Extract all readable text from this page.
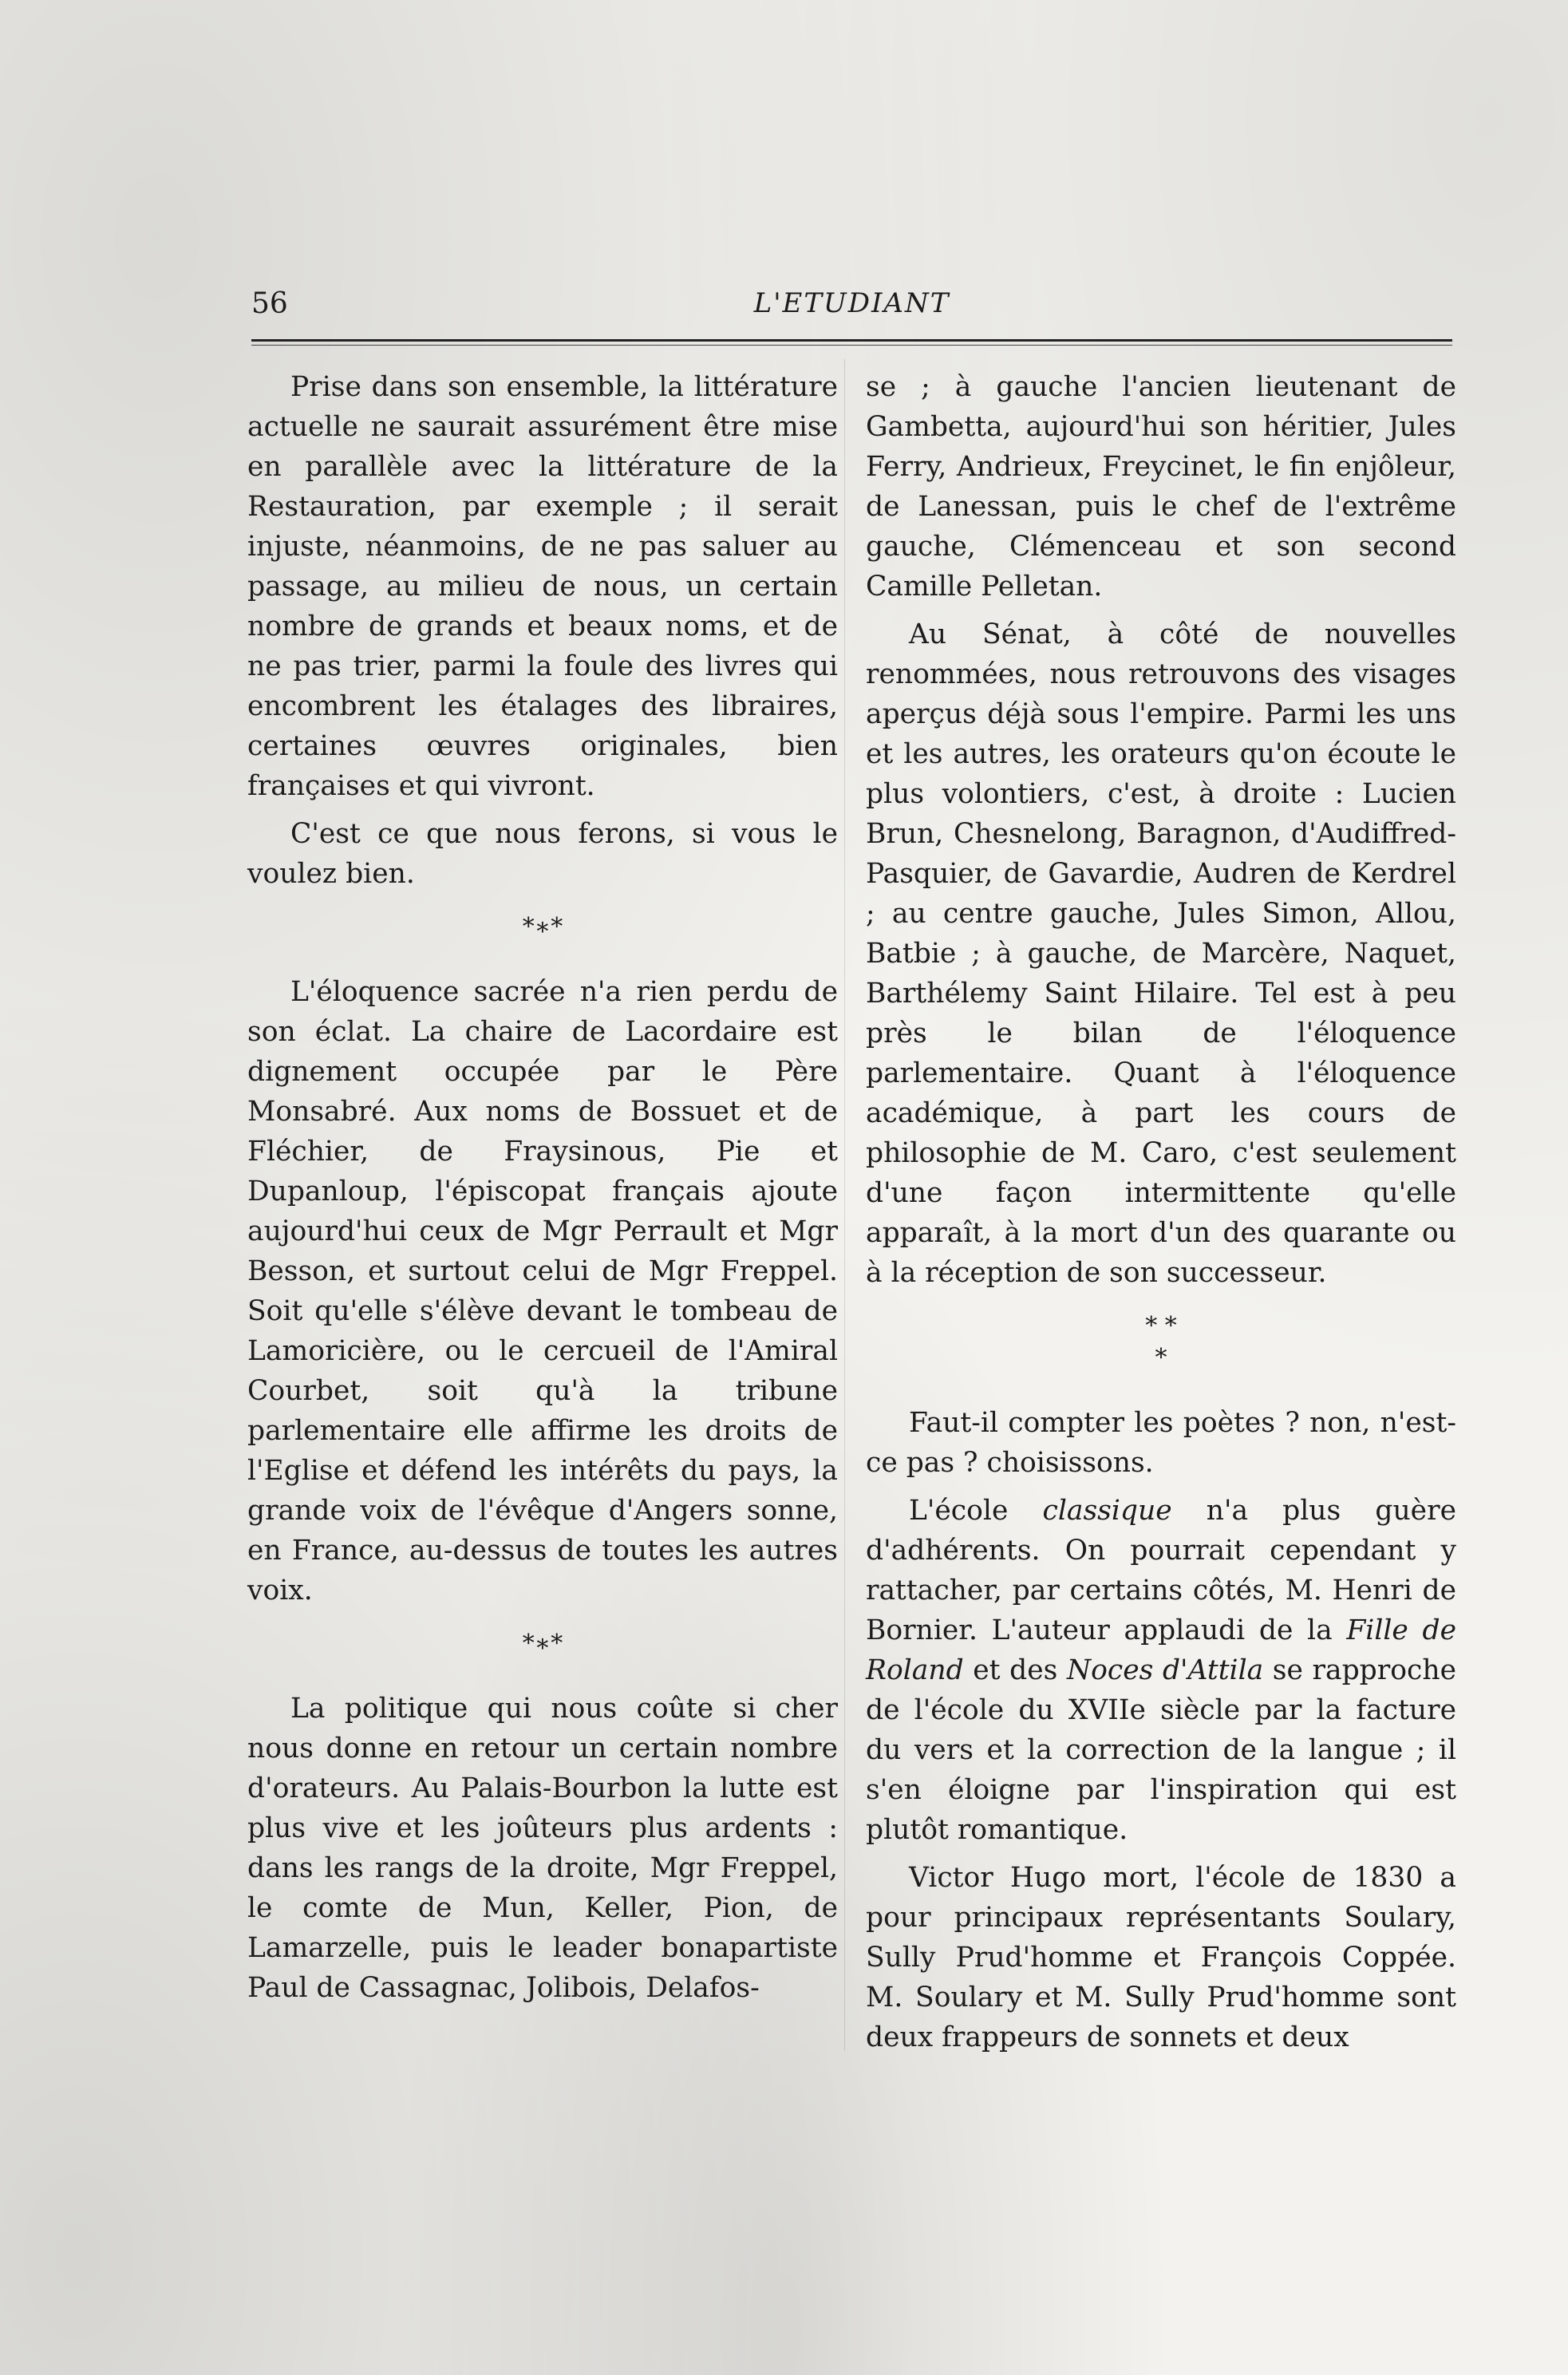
56	L'ETUDIANT

Prise dans son ensemble, la littérature actuelle ne saurait assurément être mise en parallèle avec la littérature de la Restauration, par exemple ; il serait injuste, néanmoins, de ne pas saluer au passage, au milieu de nous, un certain nombre de grands et beaux noms, et de ne pas trier, parmi la foule des livres qui encombrent les étalages des libraires, certaines œuvres originales, bien françaises et qui vivront.

C'est ce que nous ferons, si vous le voulez bien.

*∗*

L'éloquence sacrée n'a rien perdu de son éclat. La chaire de Lacordaire est dignement occupée par le Père Monsabré. Aux noms de Bossuet et de Fléchier, de Fraysinous, Pie et Dupanloup, l'épiscopat français ajoute aujourd'hui ceux de Mgr Perrault et Mgr Besson, et surtout celui de Mgr Freppel. Soit qu'elle s'élève devant le tombeau de Lamoricière, ou le cercueil de l'Amiral Courbet, soit qu'à la tribune parlementaire elle affirme les droits de l'Eglise et défend les intérêts du pays, la grande voix de l'évêque d'Angers sonne, en France, au-dessus de toutes les autres voix.

*∗*

La politique qui nous coûte si cher nous donne en retour un certain nombre d'orateurs. Au Palais-Bourbon la lutte est plus vive et les joûteurs plus ardents : dans les rangs de la droite, Mgr Freppel, le comte de Mun, Keller, Pion, de Lamarzelle, puis le leader bonapartiste Paul de Cassagnac, Jolibois, Delafos-

se ; à gauche l'ancien lieutenant de Gambetta, aujourd'hui son héritier, Jules Ferry, Andrieux, Freycinet, le fin enjôleur, de Lanessan, puis le chef de l'extrême gauche, Clémenceau et son second Camille Pelletan.

Au Sénat, à côté de nouvelles renommées, nous retrouvons des visages aperçus déjà sous l'empire. Parmi les uns et les autres, les orateurs qu'on écoute le plus volontiers, c'est, à droite : Lucien Brun, Chesnelong, Baragnon, d'Audiffred-Pasquier, de Gavardie, Audren de Kerdrel ; au centre gauche, Jules Simon, Allou, Batbie ; à gauche, de Marcère, Naquet, Barthélemy Saint Hilaire. Tel est à peu près le bilan de l'éloquence parlementaire. Quant à l'éloquence académique, à part les cours de philosophie de M. Caro, c'est seulement d'une façon intermittente qu'elle apparaît, à la mort d'un des quarante ou à la réception de son successeur.

* *
*

Faut-il compter les poètes ? non, n'est-ce pas ? choisissons.

L'école classique n'a plus guère d'adhérents. On pourrait cependant y rattacher, par certains côtés, M. Henri de Bornier. L'auteur applaudi de la Fille de Roland et des Noces d'Attila se rapproche de l'école du XVIIe siècle par la facture du vers et la correction de la langue ; il s'en éloigne par l'inspiration qui est plutôt romantique.

Victor Hugo mort, l'école de 1830 a pour principaux représentants Soulary, Sully Prud'homme et François Coppée. M. Soulary et M. Sully Prud'homme sont deux frappeurs de sonnets et deux
